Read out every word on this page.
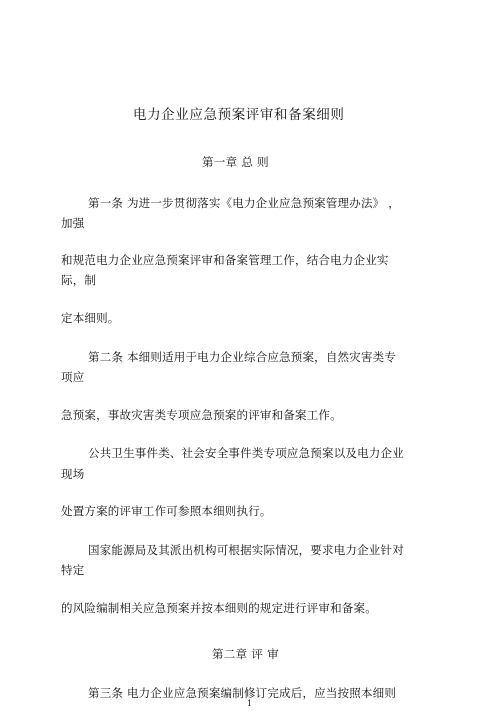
电力企业应急预案评审和备案细则
第一章 总 则
第一条 为进一步贯彻落实《电力企业应急预案管理办法》 ，
加强
和规范电力企业应急预案评审和备案管理工作，结合电力企业实
际，制
定本细则。
第二条 本细则适用于电力企业综合应急预案，自然灾害类专
项应
急预案，事故灾害类专项应急预案的评审和备案工作。
公共卫生事件类、社会安全事件类专项应急预案以及电力企业
现场
处置方案的评审工作可参照本细则执行。
国家能源局及其派出机构可根据实际情况，要求电力企业针对
特定
的风险编制相关应急预案并按本细则的规定进行评审和备案。
第二章 评 审
第三条 电力企业应急预案编制修订完成后，应当按照本细则
1
